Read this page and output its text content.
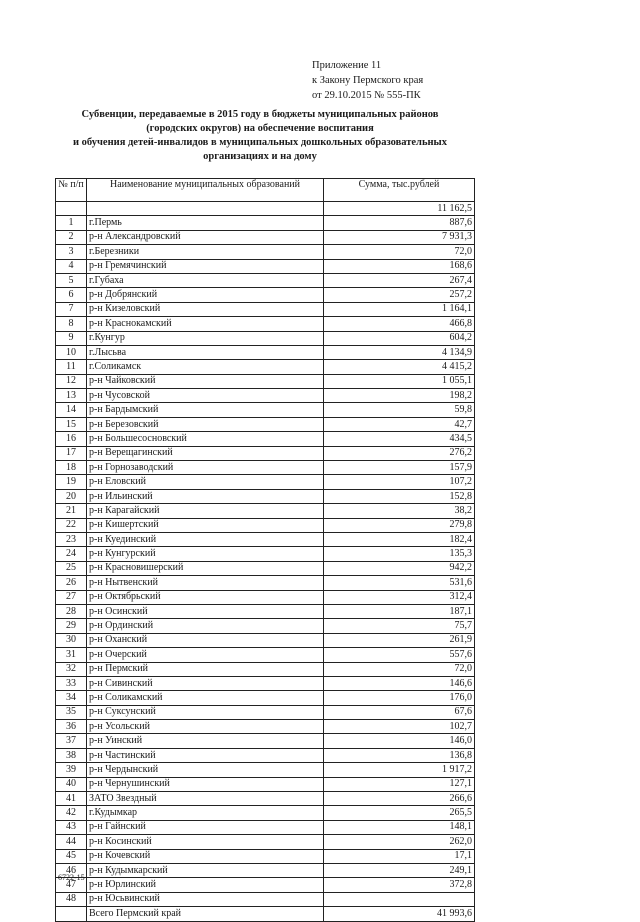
Приложение 11
к Закону Пермского края
от 29.10.2015 № 555-ПК
Субвенции, передаваемые в 2015 году в бюджеты муниципальных районов
(городских округов) на обеспечение воспитания
и обучения детей-инвалидов в муниципальных дошкольных образовательных
организациях и на дому
№ п/п	Наименование муниципальных образований	Сумма, тыс.рублей
		11 162,5
1	г.Пермь	887,6
2	р-н Александровский	7 931,3
3	г.Березники	72,0
4	р-н Гремячинский	168,6
5	г.Губаха	267,4
6	р-н Добрянский	257,2
7	р-н Кизеловский	1 164,1
8	р-н Краснокамский	466,8
9	г.Кунгур	604,2
10	г.Лысьва	4 134,9
11	г.Соликамск	4 415,2
12	р-н Чайковский	1 055,1
13	р-н Чусовской	198,2
14	р-н Бардымский	59,8
15	р-н Березовский	42,7
16	р-н Большесосновский	434,5
17	р-н Верещагинский	276,2
18	р-н Горнозаводский	157,9
19	р-н Еловский	107,2
20	р-н Ильинский	152,8
21	р-н Карагайский	38,2
22	р-н Кишертский	279,8
23	р-н Куединский	182,4
24	р-н Кунгурский	135,3
25	р-н Красновишерский	942,2
26	р-н Нытвенский	531,6
27	р-н Октябрьский	312,4
28	р-н Осинский	187,1
29	р-н Ординский	75,7
30	р-н Оханский	261,9
31	р-н Очерский	557,6
32	р-н Пермский	72,0
33	р-н Сивинский	146,6
34	р-н Соликамский	176,0
35	р-н Суксунский	67,6
36	р-н Усольский	102,7
37	р-н Уинский	146,0
38	р-н Частинский	136,8
39	р-н Чердынский	1 917,2
40	р-н Чернушинский	127,1
41	ЗАТО Звездный	266,6
42	г.Кудымкар	265,5
43	р-н Гайнский	148,1
44	р-н Косинский	262,0
45	р-н Кочевский	17,1
46	р-н Кудымкарский	249,1
47	р-н Юрлинский	372,8
48	р-н Юсьвинский	
	Всего Пермский край	41 993,6
6722-15
